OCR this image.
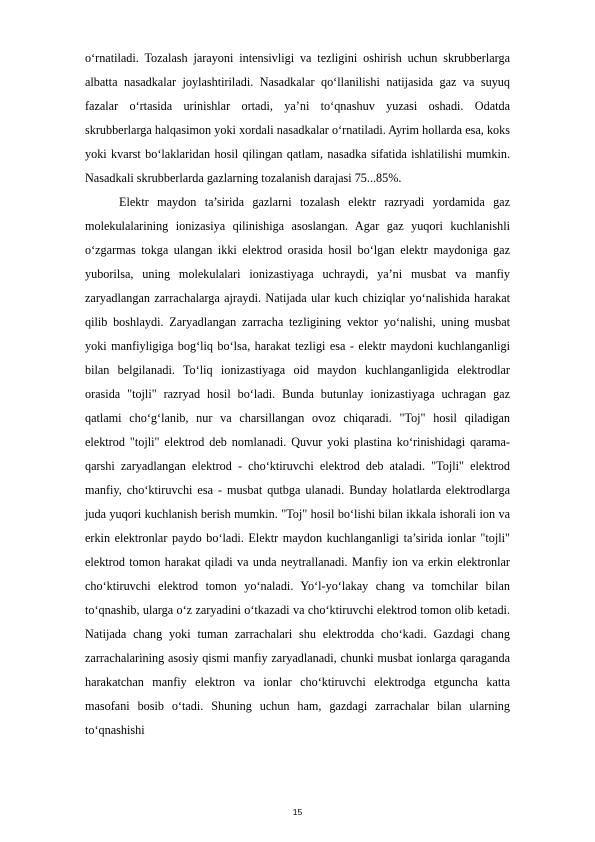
o‘rnatiladi. Tozalash jarayoni intensivligi va tezligini oshirish uchun skrubberlarga albatta nasadkalar joylashtiriladi. Nasadkalar qo‘llanilishi natijasida gaz va suyuq fazalar o‘rtasida urinishlar ortadi, ya’ni to‘qnashuv yuzasi oshadi. Odatda skrubberlarga halqasimon yoki xordali nasadkalar o‘rnatiladi. Ayrim hollarda esa, koks yoki kvarst bo‘laklaridan hosil qilingan qatlam, nasadka sifatida ishlatilishi mumkin. Nasadkali skrubberlarda gazlarning tozalanish darajasi 75...85%.

Elektr maydon ta’sirida gazlarni tozalash elektr razryadi yordamida gaz molekulalarining ionizasiya qilinishiga asoslangan. Agar gaz yuqori kuchlanishli o‘zgarmas tokga ulangan ikki elektrod orasida hosil bo‘lgan elektr maydoniga gaz yuborilsa, uning molekulalari ionizastiyaga uchraydi, ya’ni musbat va manfiy zaryadlangan zarrachalarga ajraydi. Natijada ular kuch chiziqlar yo‘nalishida harakat qilib boshlaydi. Zaryadlangan zarracha tezligining vektor yo‘nalishi, uning musbat yoki manfiyligiga bog‘liq bo‘lsa, harakat tezligi esa - elektr maydoni kuchlanganligi bilan belgilanadi. To‘liq ionizastiyaga oid maydon kuchlanganligida elektrodlar orasida "tojli" razryad hosil bo‘ladi. Bunda butunlay ionizastiyaga uchragan gaz qatlami cho‘g‘lanib, nur va charsillangan ovoz chiqaradi. "Toj" hosil qiladigan elektrod "tojli" elektrod deb nomlanadi. Quvur yoki plastina ko‘rinishidagi qarama-qarshi zaryadlangan elektrod - cho‘ktiruvchi elektrod deb ataladi. "Tojli" elektrod manfiy, cho‘ktiruvchi esa - musbat qutbga ulanadi. Bunday holatlarda elektrodlarga juda yuqori kuchlanish berish mumkin. "Toj" hosil bo‘lishi bilan ikkala ishorali ion va erkin elektronlar paydo bo‘ladi. Elektr maydon kuchlanganligi ta’sirida ionlar "tojli" elektrod tomon harakat qiladi va unda neytrallanadi. Manfiy ion va erkin elektronlar cho‘ktiruvchi elektrod tomon yo‘naladi. Yo‘l-yo‘lakay chang va tomchilar bilan to‘qnashib, ularga o‘z zaryadini o‘tkazadi va cho‘ktiruvchi elektrod tomon olib ketadi. Natijada chang yoki tuman zarrachalari shu elektrodda cho‘kadi. Gazdagi chang zarrachalarining asosiy qismi manfiy zaryadlanadi, chunki musbat ionlarga qaraganda harakatchan manfiy elektron va ionlar cho‘ktiruvchi elektrodga etguncha katta masofani bosib o‘tadi. Shuning uchun ham, gazdagi zarrachalar bilan ularning to‘qnashishi

15
